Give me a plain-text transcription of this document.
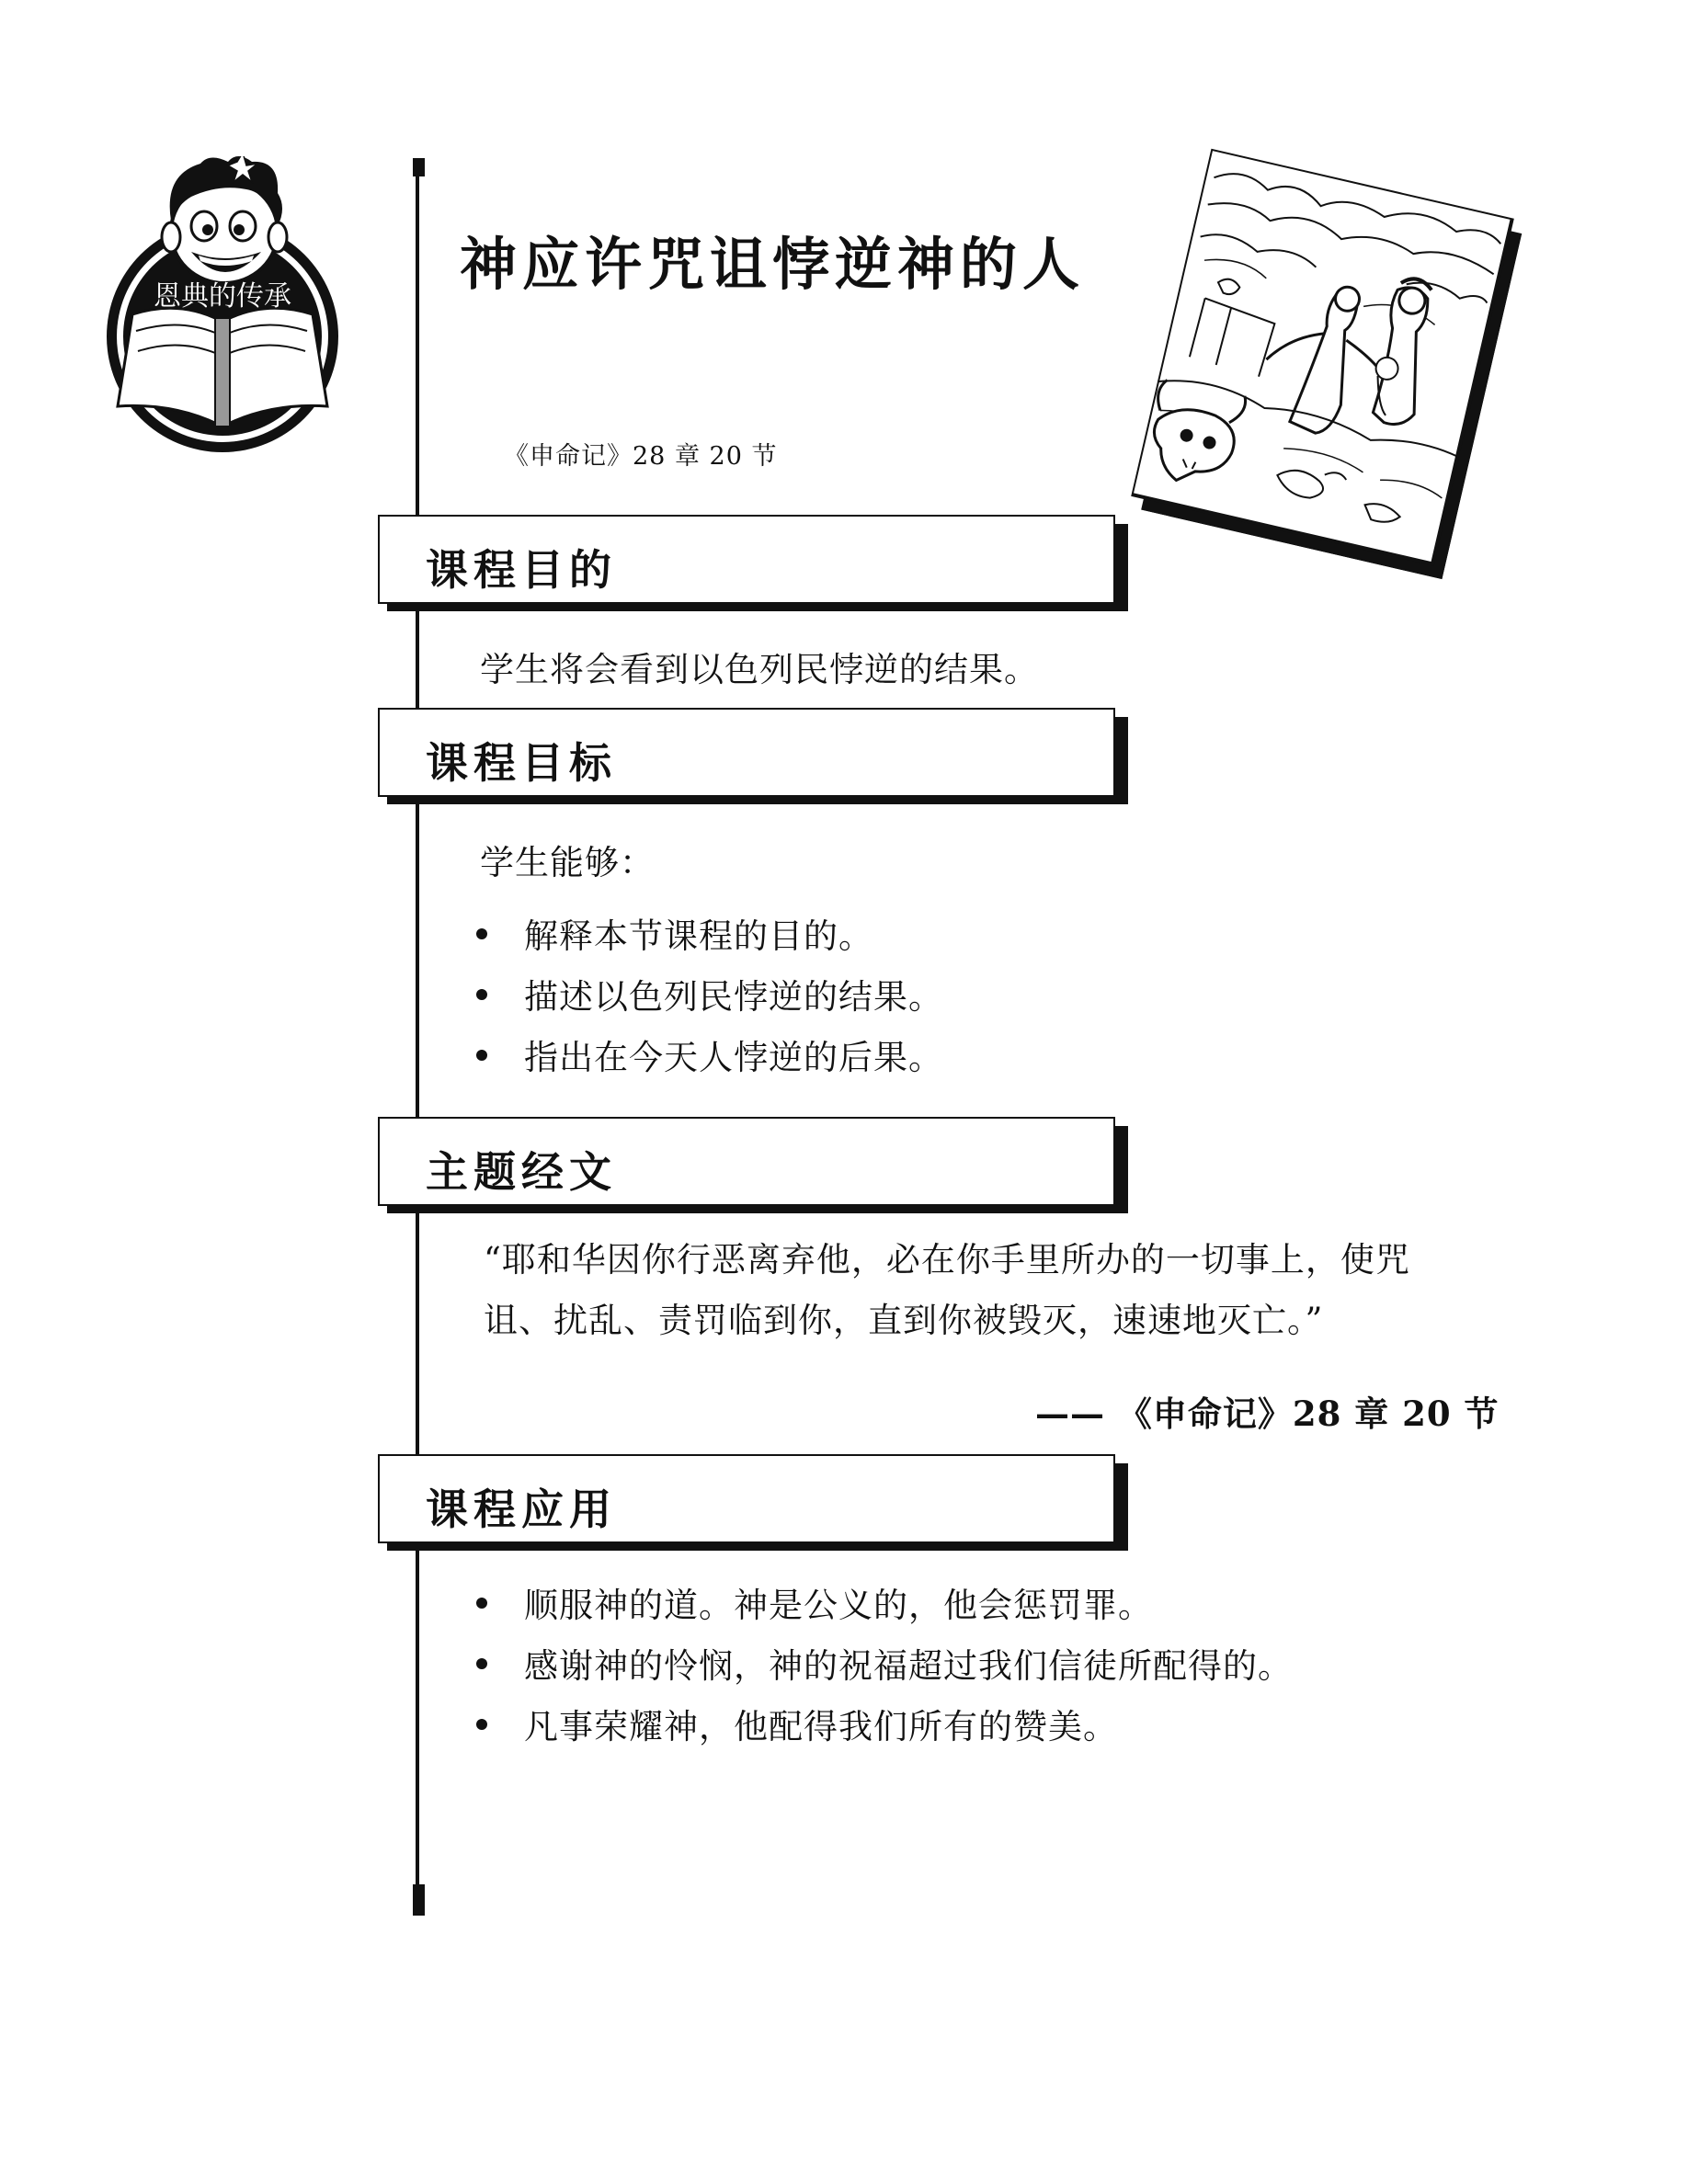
恩典的传承	神应许咒诅悖逆神的人
《申命记》28 章 20 节
课程目的
学生将会看到以色列民悖逆的结果。
课程目标
学生能够：
解释本节课程的目的。
描述以色列民悖逆的结果。
指出在今天人悖逆的后果。
主题经文
“耶和华因你行恶离弃他，必在你手里所办的一切事上，使咒
诅、扰乱、责罚临到你，直到你被毁灭，速速地灭亡。”
—— 《申命记》28 章 20 节
课程应用
顺服神的道。神是公义的，他会惩罚罪。
感谢神的怜悯，神的祝福超过我们信徒所配得的。
凡事荣耀神，他配得我们所有的赞美。
